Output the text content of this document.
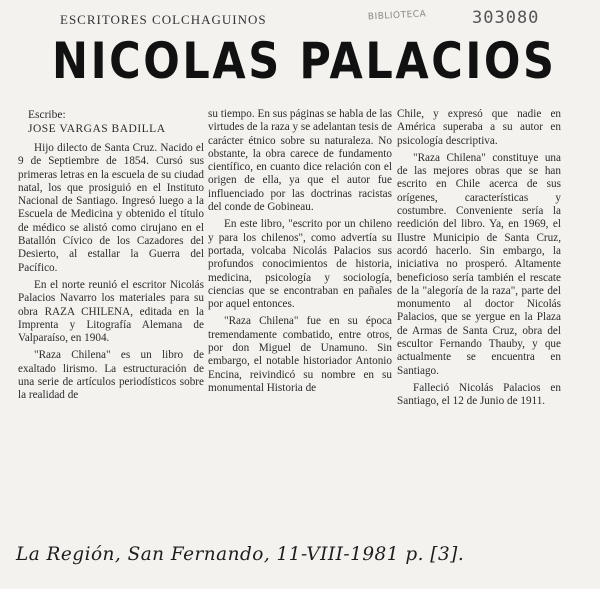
ESCRITORES COLCHAGUINOS	BIBLIOTECA	303080
NICOLAS PALACIOS
Escribe:
JOSE VARGAS BADILLA

Hijo dilecto de Santa Cruz. Nacido el 9 de Septiembre de 1854. Cursó sus primeras letras en la escuela de su ciudad natal, los que prosiguió en el Instituto Nacional de Santiago. Ingresó luego a la Escuela de Medicina y obtenido el título de médico se alistó como cirujano en el Batallón Cívico de los Cazadores del Desierto, al estallar la Guerra del Pacífico.

En el norte reunió el escritor Nicolás Palacios Navarro los materiales para su obra RAZA CHILENA, editada en la Imprenta y Litografía Alemana de Valparaíso, en 1904.

"Raza Chilena" es un libro de exaltado lirismo. La estructuración de una serie de artículos periodísticos sobre la realidad de

su tiempo. En sus páginas se habla de las virtudes de la raza y se adelantan tesis de carácter étnico sobre su naturaleza. No obstante, la obra carece de fundamento científico, en cuanto dice relación con el origen de ella, ya que el autor fue influenciado por las doctrinas racistas del conde de Gobineau.

En este libro, "escrito por un chileno y para los chilenos", como advertía su portada, volcaba Nicolás Palacios sus profundos conocimientos de historia, medicina, psicología y sociología, ciencias que se encontraban en pañales por aquel entonces.

"Raza Chilena" fue en su época tremendamente combatido, entre otros, por don Miguel de Unamuno. Sin embargo, el notable historiador Antonio Encina, reivindicó su nombre en su monumental Historia de

Chile, y expresó que nadie en América superaba a su autor en psicología descriptiva.

"Raza Chilena" constituye una de las mejores obras que se han escrito en Chile acerca de sus orígenes, características y costumbre. Conveniente sería la reedición del libro. Ya, en 1969, el Ilustre Municipio de Santa Cruz, acordó hacerlo. Sin embargo, la iniciativa no prosperó. Altamente beneficioso sería también el rescate de la "alegoría de la raza", parte del monumento al doctor Nicolás Palacios, que se yergue en la Plaza de Armas de Santa Cruz, obra del escultor Fernando Thauby, y que actualmente se encuentra en Santiago.

Falleció Nicolás Palacios en Santiago, el 12 de Junio de 1911.

La Región, San Fernando, 11-VIII-1981 p. [3].
